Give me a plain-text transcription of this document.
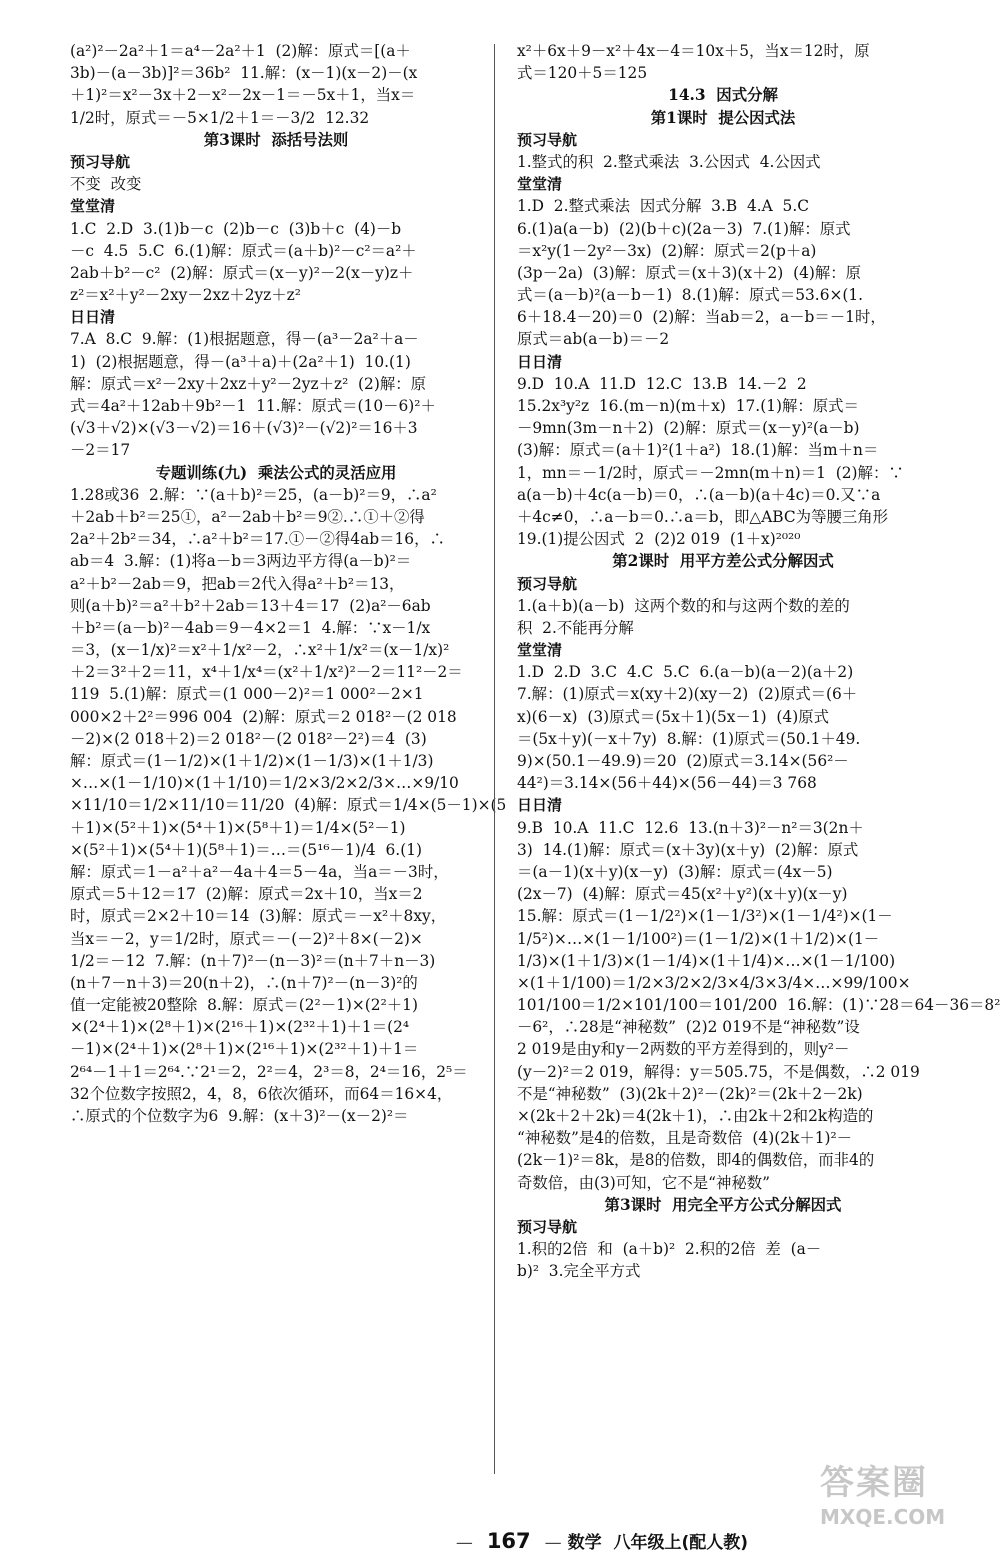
(a²)²－2a²＋1＝a⁴－2a²＋1  (2)解：原式＝[(a＋
3b)－(a－3b)]²＝36b²  11.解：(x－1)(x－2)－(x
＋1)²＝x²－3x＋2－x²－2x－1＝－5x＋1，当x＝
1/2时，原式＝－5×1/2＋1＝－3/2  12.32
第3课时  添括号法则
预习导航
不变  改变
堂堂清
1.C  2.D  3.(1)b－c  (2)b－c  (3)b＋c  (4)－b
－c  4.5  5.C  6.(1)解：原式＝(a＋b)²－c²＝a²＋
2ab＋b²－c²  (2)解：原式＝(x－y)²－2(x－y)z＋
z²＝x²＋y²－2xy－2xz＋2yz＋z²
日日清
7.A  8.C  9.解：(1)根据题意，得－(a³－2a²＋a－
1)  (2)根据题意，得－(a³＋a)＋(2a²＋1)  10.(1)
解：原式＝x²－2xy＋2xz＋y²－2yz＋z²  (2)解：原
式＝4a²＋12ab＋9b²－1  11.解：原式＝(10－6)²＋
(√3＋√2)×(√3－√2)＝16＋(√3)²－(√2)²＝16＋3
－2＝17
专题训练(九)  乘法公式的灵活应用
1.28或36  2.解：∵(a＋b)²＝25，(a－b)²＝9，∴a²
＋2ab＋b²＝25①，a²－2ab＋b²＝9②.∴①＋②得
2a²＋2b²＝34，∴a²＋b²＝17.①－②得4ab＝16，∴
ab＝4  3.解：(1)将a－b＝3两边平方得(a－b)²＝
a²＋b²－2ab＝9，把ab＝2代入得a²＋b²＝13，
则(a＋b)²＝a²＋b²＋2ab＝13＋4＝17  (2)a²－6ab
＋b²＝(a－b)²－4ab＝9－4×2＝1  4.解：∵x－1/x
＝3，(x－1/x)²＝x²＋1/x²－2，∴x²＋1/x²＝(x－1/x)²
＋2＝3²＋2＝11，x⁴＋1/x⁴＝(x²＋1/x²)²－2＝11²－2＝
119  5.(1)解：原式＝(1 000－2)²＝1 000²－2×1
000×2＋2²＝996 004  (2)解：原式＝2 018²－(2 018
－2)×(2 018＋2)＝2 018²－(2 018²－2²)＝4  (3)
解：原式＝(1－1/2)×(1＋1/2)×(1－1/3)×(1＋1/3)
×…×(1－1/10)×(1＋1/10)＝1/2×3/2×2/3×…×9/10
×11/10＝1/2×11/10＝11/20  (4)解：原式＝1/4×(5－1)×(5
＋1)×(5²＋1)×(5⁴＋1)×(5⁸＋1)＝1/4×(5²－1)
×(5²＋1)×(5⁴＋1)(5⁸＋1)＝…＝(5¹⁶－1)/4  6.(1)
解：原式＝1－a²＋a²－4a＋4＝5－4a，当a＝－3时，
原式＝5＋12＝17  (2)解：原式＝2x＋10，当x＝2
时，原式＝2×2＋10＝14  (3)解：原式＝－x²＋8xy，
当x＝－2，y＝1/2时，原式＝－(－2)²＋8×(－2)×
1/2＝－12  7.解：(n＋7)²－(n－3)²＝(n＋7＋n－3)
(n＋7－n＋3)＝20(n＋2)，∴(n＋7)²－(n－3)²的
值一定能被20整除  8.解：原式＝(2²－1)×(2²＋1)
×(2⁴＋1)×(2⁸＋1)×(2¹⁶＋1)×(2³²＋1)＋1＝(2⁴
－1)×(2⁴＋1)×(2⁸＋1)×(2¹⁶＋1)×(2³²＋1)＋1＝
2⁶⁴－1＋1＝2⁶⁴.∵2¹＝2，2²＝4，2³＝8，2⁴＝16，2⁵＝
32个位数字按照2，4，8，6依次循环，而64＝16×4，
∴原式的个位数字为6  9.解：(x＋3)²－(x－2)²＝
x²＋6x＋9－x²＋4x－4＝10x＋5，当x＝12时，原
式＝120＋5＝125
14.3  因式分解
第1课时  提公因式法
预习导航
1.整式的积  2.整式乘法  3.公因式  4.公因式
堂堂清
1.D  2.整式乘法  因式分解  3.B  4.A  5.C
6.(1)a(a－b)  (2)(b＋c)(2a－3)  7.(1)解：原式
＝x²y(1－2y²－3x)  (2)解：原式＝2(p＋a)
(3p－2a)  (3)解：原式＝(x＋3)(x＋2)  (4)解：原
式＝(a－b)²(a－b－1)  8.(1)解：原式＝53.6×(1.
6＋18.4－20)＝0  (2)解：当ab＝2，a－b＝－1时，
原式＝ab(a－b)＝－2
日日清
9.D  10.A  11.D  12.C  13.B  14.－2  2
15.2x³y²z  16.(m－n)(m＋x)  17.(1)解：原式＝
－9mn(3m－n＋2)  (2)解：原式＝(x－y)²(a－b)
(3)解：原式＝(a＋1)²(1＋a²)  18.(1)解：当m＋n＝
1，mn＝－1/2时，原式＝－2mn(m＋n)＝1  (2)解：∵
a(a－b)＋4c(a－b)＝0，∴(a－b)(a＋4c)＝0.又∵a
＋4c≠0，∴a－b＝0.∴a＝b，即△ABC为等腰三角形
19.(1)提公因式  2  (2)2 019  (1＋x)²⁰²⁰
第2课时  用平方差公式分解因式
预习导航
1.(a＋b)(a－b)  这两个数的和与这两个数的差的
积  2.不能再分解
堂堂清
1.D  2.D  3.C  4.C  5.C  6.(a－b)(a－2)(a＋2)
7.解：(1)原式＝x(xy＋2)(xy－2)  (2)原式＝(6＋
x)(6－x)  (3)原式＝(5x＋1)(5x－1)  (4)原式
＝(5x＋y)(－x＋7y)  8.解：(1)原式＝(50.1＋49.
9)×(50.1－49.9)＝20  (2)原式＝3.14×(56²－
44²)＝3.14×(56＋44)×(56－44)＝3 768
日日清
9.B  10.A  11.C  12.6  13.(n＋3)²－n²＝3(2n＋
3)  14.(1)解：原式＝(x＋3y)(x＋y)  (2)解：原式
＝(a－1)(x＋y)(x－y)  (3)解：原式＝(4x－5)
(2x－7)  (4)解：原式＝45(x²＋y²)(x＋y)(x－y)
15.解：原式＝(1－1/2²)×(1－1/3²)×(1－1/4²)×(1－
1/5²)×…×(1－1/100²)＝(1－1/2)×(1＋1/2)×(1－
1/3)×(1＋1/3)×(1－1/4)×(1＋1/4)×…×(1－1/100)
×(1＋1/100)＝1/2×3/2×2/3×4/3×3/4×…×99/100×
101/100＝1/2×101/100＝101/200  16.解：(1)∵28＝64－36＝8²
－6²，∴28是“神秘数”  (2)2 019不是“神秘数”设
2 019是由y和y－2两数的平方差得到的，则y²－
(y－2)²＝2 019，解得：y＝505.75，不是偶数，∴2 019
不是“神秘数”  (3)(2k＋2)²－(2k)²＝(2k＋2－2k)
×(2k＋2＋2k)＝4(2k＋1)，∴由2k＋2和2k构造的
“神秘数”是4的倍数，且是奇数倍  (4)(2k＋1)²－
(2k－1)²＝8k，是8的倍数，即4的偶数倍，而非4的
奇数倍，由(3)可知，它不是“神秘数”
第3课时  用完全平方公式分解因式
预习导航
1.积的2倍  和  (a＋b)²  2.积的2倍  差  (a－
b)²  3.完全平方式

— 167 — 数学  八年级上(配人教)

答案圈
MXQE.COM
